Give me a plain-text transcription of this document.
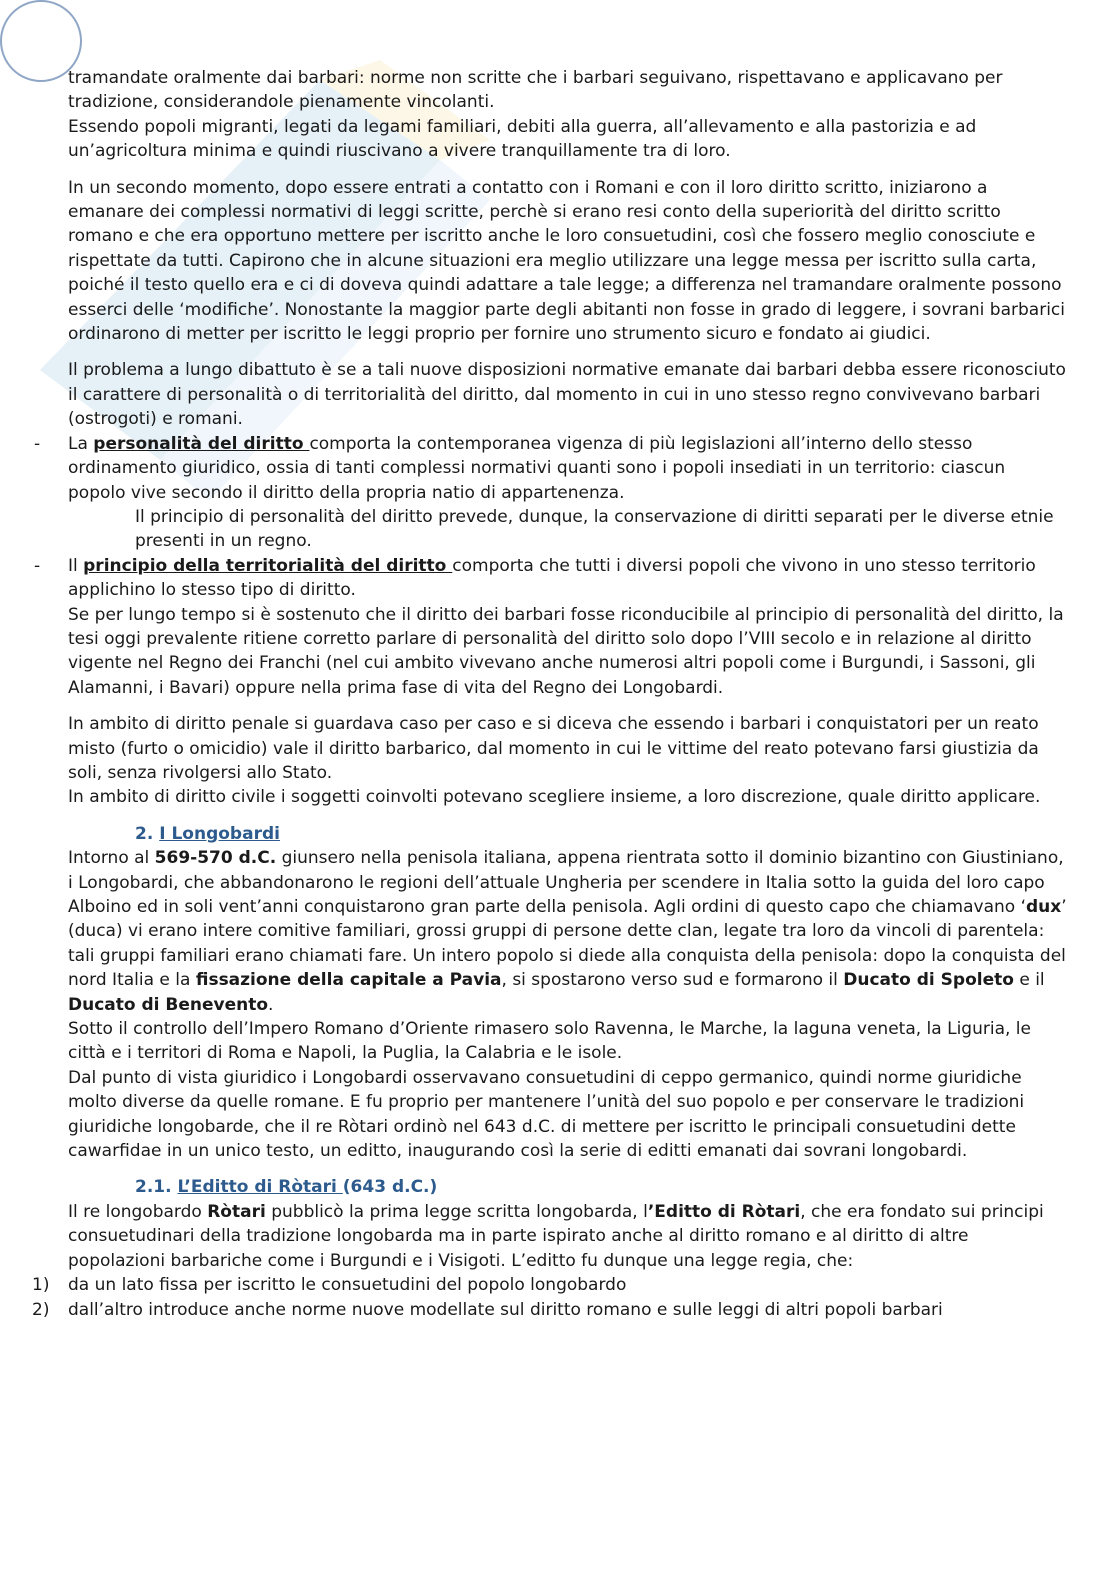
tramandate oralmente dai barbari: norme non scritte che i barbari seguivano, rispettavano e applicavano per tradizione, considerandole pienamente vincolanti.

Essendo popoli migranti, legati da legami familiari, debiti alla guerra, all’allevamento e alla pastorizia e ad un’agricoltura minima e quindi riuscivano a vivere tranquillamente tra di loro.

In un secondo momento, dopo essere entrati a contatto con i Romani e con il loro diritto scritto, iniziarono a emanare dei complessi normativi di leggi scritte, perchè si erano resi conto della superiorità del diritto scritto romano e che era opportuno mettere per iscritto anche le loro consuetudini, così che fossero meglio conosciute e rispettate da tutti. Capirono che in alcune situazioni era meglio utilizzare una legge messa per iscritto sulla carta, poiché il testo quello era e ci di doveva quindi adattare a tale legge; a differenza nel tramandare oralmente possono esserci delle ‘modifiche’. Nonostante la maggior parte degli abitanti non fosse in grado di leggere, i sovrani barbarici ordinarono di metter per iscritto le leggi proprio per fornire uno strumento sicuro e fondato ai giudici.

Il problema a lungo dibattuto è se a tali nuove disposizioni normative emanate dai barbari debba essere riconosciuto il carattere di personalità o di territorialità del diritto, dal momento in cui in uno stesso regno convivevano barbari (ostrogoti) e romani.

- La personalità del diritto comporta la contemporanea vigenza di più legislazioni all’interno dello stesso ordinamento giuridico, ossia di tanti complessi normativi quanti sono i popoli insediati in un territorio: ciascun popolo vive secondo il diritto della propria natio di appartenenza.

Il principio di personalità del diritto prevede, dunque, la conservazione di diritti separati per le diverse etnie presenti in un regno.

- Il principio della territorialità del diritto comporta che tutti i diversi popoli che vivono in uno stesso territorio applichino lo stesso tipo di diritto.

Se per lungo tempo si è sostenuto che il diritto dei barbari fosse riconducibile al principio di personalità del diritto, la tesi oggi prevalente ritiene corretto parlare di personalità del diritto solo dopo l’VIII secolo e in relazione al diritto vigente nel Regno dei Franchi (nel cui ambito vivevano anche numerosi altri popoli come i Burgundi, i Sassoni, gli Alamanni, i Bavari) oppure nella prima fase di vita del Regno dei Longobardi.

In ambito di diritto penale si guardava caso per caso e si diceva che essendo i barbari i conquistatori per un reato misto (furto o omicidio) vale il diritto barbarico, dal momento in cui le vittime del reato potevano farsi giustizia da soli, senza rivolgersi allo Stato.

In ambito di diritto civile i soggetti coinvolti potevano scegliere insieme, a loro discrezione, quale diritto applicare.

2. I Longobardi

Intorno al 569-570 d.C. giunsero nella penisola italiana, appena rientrata sotto il dominio bizantino con Giustiniano, i Longobardi, che abbandonarono le regioni dell’attuale Ungheria per scendere in Italia sotto la guida del loro capo Alboino ed in soli vent’anni conquistarono gran parte della penisola. Agli ordini di questo capo che chiamavano ‘dux’ (duca) vi erano intere comitive familiari, grossi gruppi di persone dette clan, legate tra loro da vincoli di parentela: tali gruppi familiari erano chiamati fare. Un intero popolo si diede alla conquista della penisola: dopo la conquista del nord Italia e la fissazione della capitale a Pavia, si spostarono verso sud e formarono il Ducato di Spoleto e il Ducato di Benevento.

Sotto il controllo dell’Impero Romano d’Oriente rimasero solo Ravenna, le Marche, la laguna veneta, la Liguria, le città e i territori di Roma e Napoli, la Puglia, la Calabria e le isole.

Dal punto di vista giuridico i Longobardi osservavano consuetudini di ceppo germanico, quindi norme giuridiche molto diverse da quelle romane. E fu proprio per mantenere l’unità del suo popolo e per conservare le tradizioni giuridiche longobarde, che il re Ròtari ordinò nel 643 d.C. di mettere per iscritto le principali consuetudini dette cawarfidae in un unico testo, un editto, inaugurando così la serie di editti emanati dai sovrani longobardi.

2.1. L’Editto di Ròtari (643 d.C.)

Il re longobardo Ròtari pubblicò la prima legge scritta longobarda, l’Editto di Ròtari, che era fondato sui principi consuetudinari della tradizione longobarda ma in parte ispirato anche al diritto romano e al diritto di altre popolazioni barbariche come i Burgundi e i Visigoti. L’editto fu dunque una legge regia, che:

1) da un lato fissa per iscritto le consuetudini del popolo longobardo

2) dall’altro introduce anche norme nuove modellate sul diritto romano e sulle leggi di altri popoli barbari
